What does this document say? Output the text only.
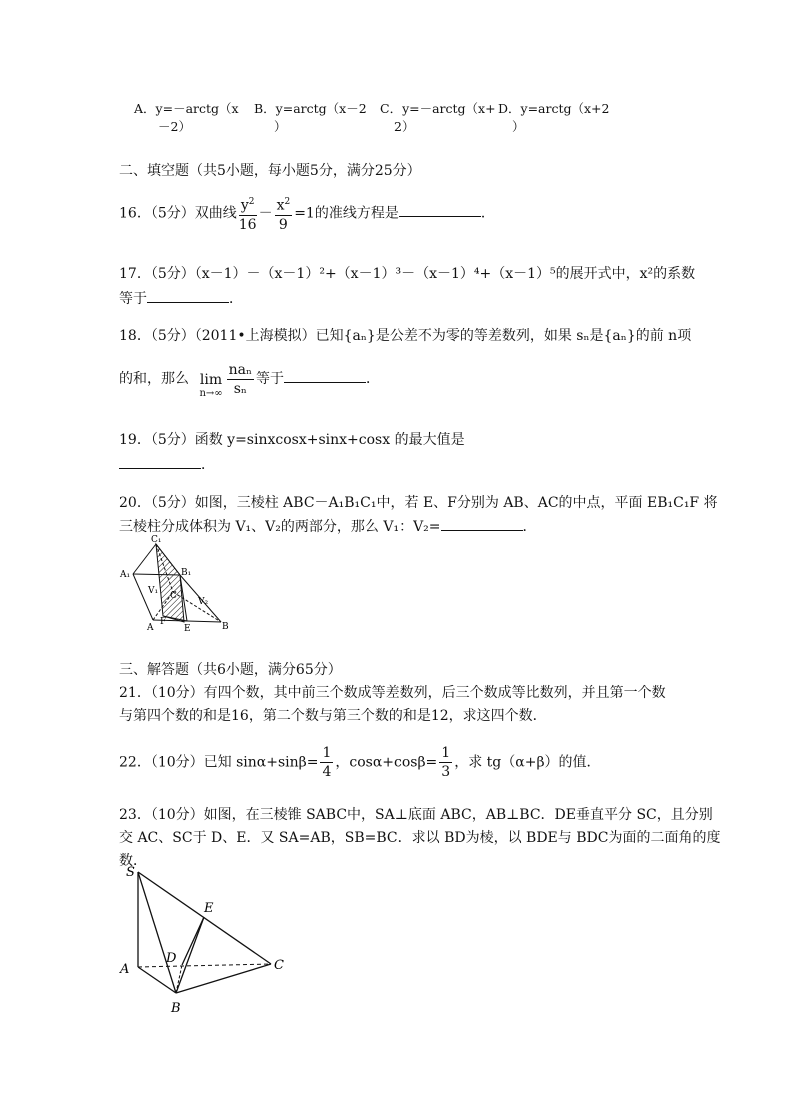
A．y=－arctg（x
－2）
B．y=arctg（x－2
）
C．y=－arctg（x+
2）
D．y=arctg（x+2
）
二、填空题（共5小题，每小题5分，满分25分）
16．（5分）双曲线 $\frac{y^2}{16} - \frac{x^2}{9} =1$的准线方程是	．
17．（5分）（x－1）－（x－1）²+（x－1）³－（x－1）⁴+（x－1）⁵的展开式中，x²的系数
等于	．
18．（5分）（2011•上海模拟）已知{aₙ}是公差不为零的等差数列，如果 sₙ是{aₙ}的前 n项
的和，那么 lim
$n\to\infty \frac{\text{naₙ}}{\text{sₙ}}$ 等于	．
19．（5分）函数 y=sinxcosx+sinx+cosx 的最大值是
．
20．（5分）如图，三棱柱 ABC－A₁B₁C₁中，若 E、F分别为 AB、AC的中点，平面 EB₁C₁F 将
三棱柱分成体积为 V₁、V₂的两部分，那么 V₁：V₂=	．
C₁
A₁	B₁
V₁
V₂
C
A
F
E	B
三、解答题（共6小题，满分65分）
21．（10分）有四个数，其中前三个数成等差数列，后三个数成等比数列，并且第一个数
与第四个数的和是16，第二个数与第三个数的和是12，求这四个数．
22．（10分）已知 $\sin\alpha+\sin\beta= \frac{1}{4}$ ，$\cos\alpha+\cos\beta= \frac{1}{3}$ ，求 tg（α+β）的值．
23．（10分）如图，在三棱锥 SABC中，SA⊥底面 ABC，AB⊥BC．DE垂直平分 SC，且分别
交 AC、SC于 D、E．又 SA=AB，SB=BC．求以 BD为棱，以 BDE与 BDC为面的二面角的度
数．
S
E
D
A	C
B
